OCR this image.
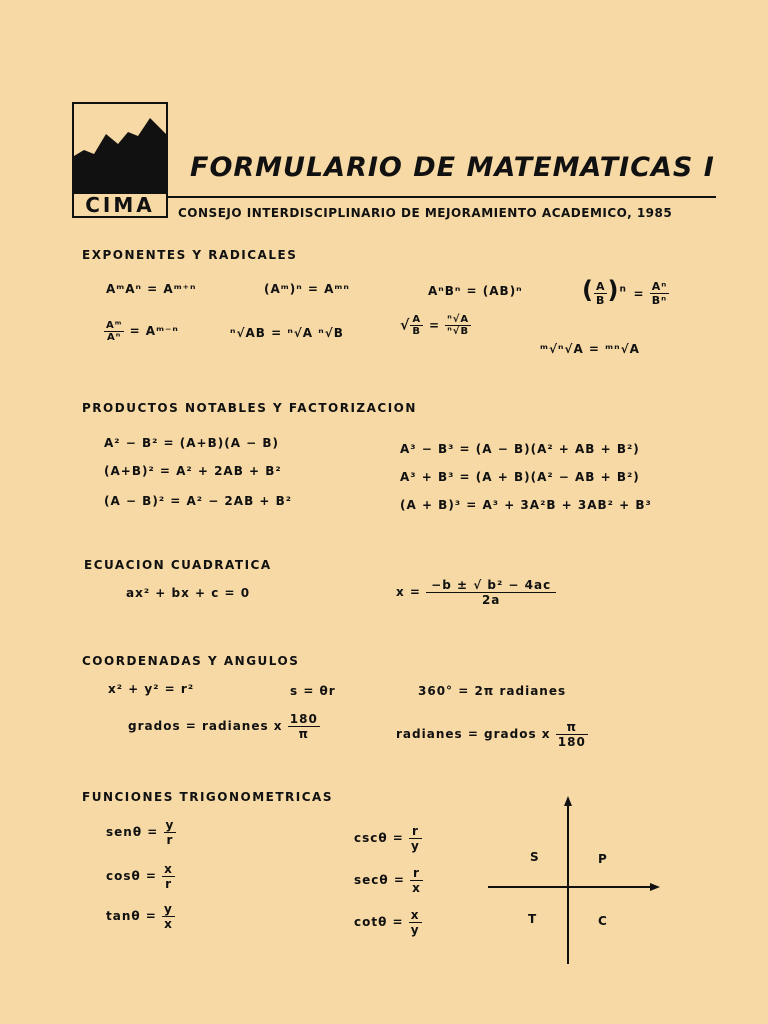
CIMA
FORMULARIO DE MATEMATICAS I
CONSEJO INTERDISCIPLINARIO DE MEJORAMIENTO ACADEMICO, 1985
EXPONENTES Y RADICALES
AᵐAⁿ = Aᵐ⁺ⁿ	(Aᵐ)ⁿ = Aᵐⁿ	AⁿBⁿ = (AB)ⁿ ( $\frac{A}{B} )^n = \frac{\text{Aⁿ}}{\text{Bⁿ}}$
$\frac{\text{Aᵐ}}{\text{Aⁿ}}$ = Aᵐ⁻ⁿ	ⁿ√AB = ⁿ√A ⁿ√B	√ $\frac{A}{B} = \frac{\text{ⁿ√A}}{\text{ⁿ√B}}$
ᵐ√ⁿ√A = ᵐⁿ√A
PRODUCTOS NOTABLES Y FACTORIZACION
A² − B² = (A+B)(A − B)
(A+B)² = A² + 2AB + B²
(A − B)² = A² − 2AB + B²
A³ − B³ = (A − B)(A² + AB + B²)
A³ + B³ = (A + B)(A² − AB + B²)
(A + B)³ = A³ + 3A²B + 3AB² + B³
ECUACION CUADRATICA
ax² + bx + c = 0	$x = \frac{\text{−b ± √ b² − 4ac}}{2a}$
COORDENADAS Y ANGULOS
x² + y² = r²	s = θr	360° = 2π radianes
grados = radianes x $\frac{180}{\pi}$	radianes = grados x $\frac{\pi}{180}$
FUNCIONES TRIGONOMETRICAS
$sen\theta = \frac{y}{r}$
$\cos\theta = \frac{x}{r}$
$\tan\theta = \frac{y}{x}$
$\csc\theta = \frac{r}{y}$
$\sec\theta = \frac{r}{x}$
$\cot\theta = \frac{x}{y}$
S	P
T	C
